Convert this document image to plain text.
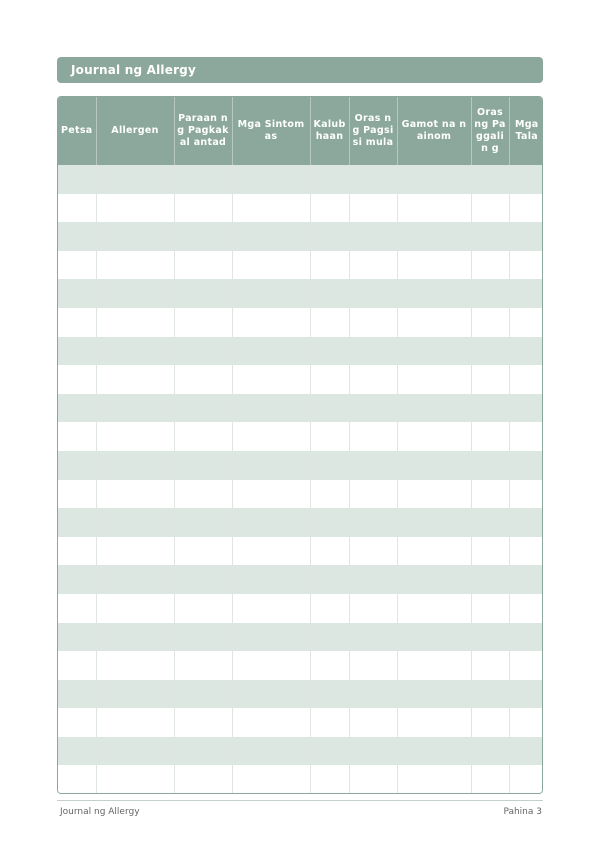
Journal ng Allergy
Petsa	Allergen	Paraan ng Pagkakal antad	Mga Sintomas	Kalub haan	Oras ng Pagsisi mula	Gamot na nainom	Oras ng Pa ggalin g	Mga Tala

Journal ng Allergy	Pahina 3
